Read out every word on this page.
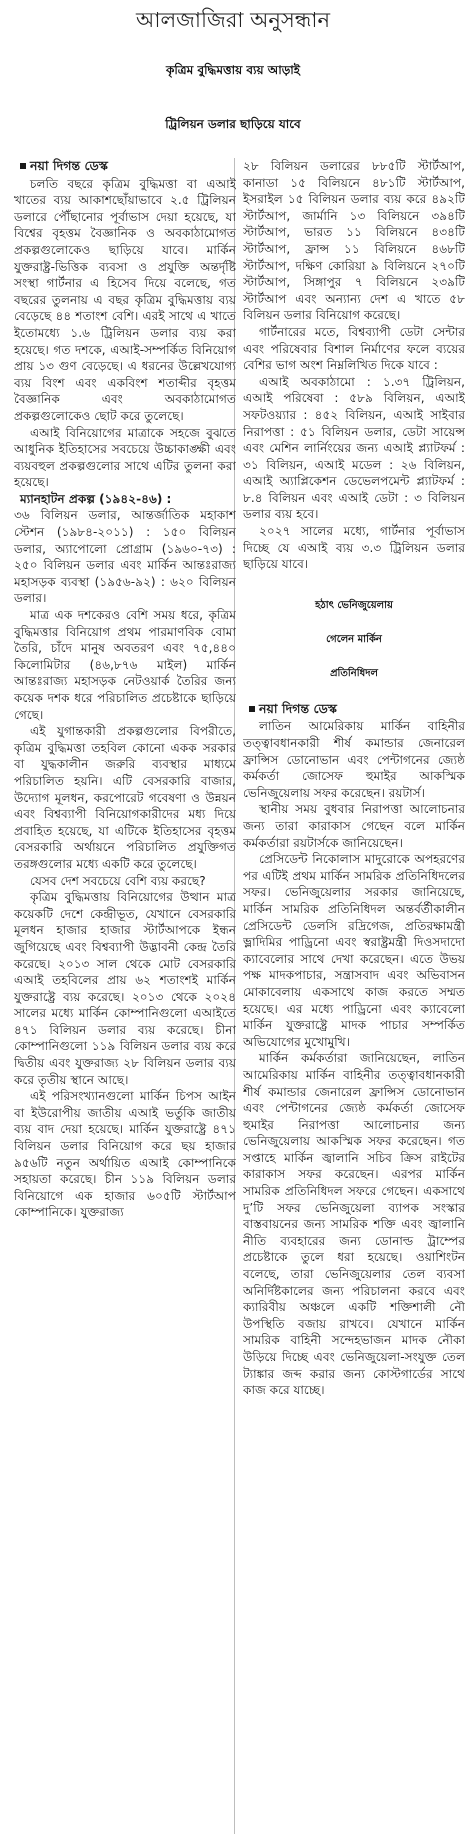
আলজাজিরা অনুসন্ধান
কৃত্রিম বুদ্ধিমত্তায় ব্যয় আড়াই
ট্রিলিয়ন ডলার ছাড়িয়ে যাবে
নয়া দিগন্ত ডেস্ক

চলতি বছরে কৃত্রিম বুদ্ধিমত্তা বা এআই খাতের ব্যয় আকাশছোঁয়াভাবে ২.৫ ট্রিলিয়ন ডলারে পৌঁছানোর পূর্বাভাস দেয়া হয়েছে, যা বিশ্বের বৃহত্তম বৈজ্ঞানিক ও অবকাঠামোগত প্রকল্পগুলোকেও ছাড়িয়ে যাবে। মার্কিন যুক্তরাষ্ট্র-ভিত্তিক ব্যবসা ও প্রযুক্তি অন্তর্দৃষ্টি সংস্থা গার্টনার এ হিসেব দিয়ে বলেছে, গত বছরের তুলনায় এ বছর কৃত্রিম বুদ্ধিমত্তায় ব্যয় বেড়েছে ৪৪ শতাংশ বেশি। এরই সাথে এ খাতে ইতোমধ্যে ১.৬ ট্রিলিয়ন ডলার ব্যয় করা হয়েছে। গত দশকে, এআই-সম্পর্কিত বিনিয়োগ প্রায় ১৩ গুণ বেড়েছে। এ ধরনের উল্লেখযোগ্য ব্যয় বিংশ এবং একবিংশ শতাব্দীর বৃহত্তম বৈজ্ঞানিক এবং অবকাঠামোগত প্রকল্পগুলোকেও ছোট করে তুলেছে।

এআই বিনিয়োগের মাত্রাকে সহজে বুঝতে আধুনিক ইতিহাসের সবচেয়ে উচ্চাকাঙ্ক্ষী এবং ব্যয়বহুল প্রকল্পগুলোর সাথে এটির তুলনা করা হয়েছে।

ম্যানহাটন প্রকল্প (১৯৪২-৪৬) :

৩৬ বিলিয়ন ডলার, আন্তর্জাতিক মহাকাশ স্টেশন (১৯৮৪-২০১১) : ১৫০ বিলিয়ন ডলার, অ্যাপোলো প্রোগ্রাম (১৯৬০-৭৩) : ২৫০ বিলিয়ন ডলার এবং মার্কিন আন্তঃরাজ্য মহাসড়ক ব্যবস্থা (১৯৫৬-৯২) : ৬২০ বিলিয়ন ডলার।

মাত্র এক দশকেরও বেশি সময় ধরে, কৃত্রিম বুদ্ধিমত্তার বিনিয়োগ প্রথম পারমাণবিক বোমা তৈরি, চাঁদে মানুষ অবতরণ এবং ৭৫,৪৪০ কিলোমিটার (৪৬,৮৭৬ মাইল) মার্কিন আন্তঃরাজ্য মহাসড়ক নেটওয়ার্ক তৈরির জন্য কয়েক দশক ধরে পরিচালিত প্রচেষ্টাকে ছাড়িয়ে গেছে।

এই যুগান্তকারী প্রকল্পগুলোর বিপরীতে, কৃত্রিম বুদ্ধিমত্তা তহবিল কোনো একক সরকার বা যুদ্ধকালীন জরুরি ব্যবস্থার মাধ্যমে পরিচালিত হয়নি। এটি বেসরকারি বাজার, উদ্যোগ মূলধন, করপোরেট গবেষণা ও উন্নয়ন এবং বিশ্বব্যাপী বিনিয়োগকারীদের মধ্য দিয়ে প্রবাহিত হয়েছে, যা এটিকে ইতিহাসের বৃহত্তম বেসরকারি অর্থায়নে পরিচালিত প্রযুক্তিগত তরঙ্গগুলোর মধ্যে একটি করে তুলেছে।

যেসব দেশ সবচেয়ে বেশি ব্যয় করছে?

কৃত্রিম বুদ্ধিমত্তায় বিনিয়োগের উত্থান মাত্র কয়েকটি দেশে কেন্দ্রীভূত, যেখানে বেসরকারি মূলধন হাজার হাজার স্টার্টআপকে ইন্ধন জুগিয়েছে এবং বিশ্বব্যাপী উদ্ভাবনী কেন্দ্র তৈরি করেছে। ২০১৩ সাল থেকে মোট বেসরকারি এআই তহবিলের প্রায় ৬২ শতাংশই মার্কিন যুক্তরাষ্ট্রে ব্যয় করেছে। ২০১৩ থেকে ২০২৪ সালের মধ্যে মার্কিন কোম্পানিগুলো এআইতে ৪৭১ বিলিয়ন ডলার ব্যয় করেছে। চীনা কোম্পানিগুলো ১১৯ বিলিয়ন ডলার ব্যয় করে দ্বিতীয় এবং যুক্তরাজ্য ২৮ বিলিয়ন ডলার ব্যয় করে তৃতীয় স্থানে আছে।

এই পরিসংখ্যানগুলো মার্কিন চিপস আইন বা ইউরোপীয় জাতীয় এআই ভর্তুকি জাতীয় ব্যয় বাদ দেয়া হয়েছে। মার্কিন যুক্তরাষ্ট্রে ৪৭১ বিলিয়ন ডলার বিনিয়োগ করে ছয় হাজার ৯৫৬টি নতুন অর্থায়িত এআই কোম্পানিকে সহায়তা করেছে। চীন ১১৯ বিলিয়ন ডলার বিনিয়োগে এক হাজার ৬০৫টি স্টার্টআপ কোম্পানিকে। যুক্তরাজ্য

২৮ বিলিয়ন ডলারের ৮৮৫টি স্টার্টআপ, কানাডা ১৫ বিলিয়নে ৪৮১টি স্টার্টআপ, ইসরাইল ১৫ বিলিয়ন ডলার ব্যয় করে ৪৯২টি স্টার্টআপ, জার্মানি ১৩ বিলিয়নে ৩৯৪টি স্টার্টআপ, ভারত ১১ বিলিয়নে ৪৩৪টি স্টার্টআপ, ফ্রান্স ১১ বিলিয়নে ৪৬৮টি স্টার্টআপ, দক্ষিণ কোরিয়া ৯ বিলিয়নে ২৭০টি স্টার্টআপ, সিঙ্গাপুর ৭ বিলিয়নে ২৩৯টি স্টার্টআপ এবং অন্যান্য দেশ এ খাতে ৫৮ বিলিয়ন ডলার বিনিয়োগ করেছে।

গার্টনারের মতে, বিশ্বব্যাপী ডেটা সেন্টার এবং পরিষেবার বিশাল নির্মাণের ফলে ব্যয়ের বেশির ভাগ অংশ নিম্নলিখিত দিকে যাবে :

এআই অবকাঠামো : ১.৩৭ ট্রিলিয়ন, এআই পরিষেবা : ৫৮৯ বিলিয়ন, এআই সফটওয়্যার : ৪৫২ বিলিয়ন, এআই সাইবার নিরাপত্তা : ৫১ বিলিয়ন ডলার, ডেটা সায়েন্স এবং মেশিন লার্নিংয়ের জন্য এআই প্ল্যাটফর্ম : ৩১ বিলিয়ন, এআই মডেল : ২৬ বিলিয়ন, এআই অ্যাপ্লিকেশন ডেভেলপমেন্ট প্ল্যাটফর্ম : ৮.৪ বিলিয়ন এবং এআই ডেটা : ৩ বিলিয়ন ডলার ব্যয় হবে।

২০২৭ সালের মধ্যে, গার্টনার পূর্বাভাস দিচ্ছে যে এআই ব্যয় ৩.৩ ট্রিলিয়ন ডলার ছাড়িয়ে যাবে।

হঠাৎ ভেনিজুয়েলায়
গেলেন মার্কিন
প্রতিনিধিদল
নয়া দিগন্ত ডেস্ক

লাতিন আমেরিকায় মার্কিন বাহিনীর তত্ত্বাবধানকারী শীর্ষ কমান্ডার জেনারেল ফ্রান্সিস ডোনোভান এবং পেন্টাগনের জ্যেষ্ঠ কর্মকর্তা জোসেফ হুমাইর আকস্মিক ভেনিজুয়েলায় সফর করেছেন। রয়টার্স।

স্থানীয় সময় বুধবার নিরাপত্তা আলোচনার জন্য তারা কারাকাস গেছেন বলে মার্কিন কর্মকর্তারা রয়টার্সকে জানিয়েছেন।

প্রেসিডেন্ট নিকোলাস মাদুরোকে অপহরণের পর এটিই প্রথম মার্কিন সামরিক প্রতিনিধিদলের সফর। ভেনিজুয়েলার সরকার জানিয়েছে, মার্কিন সামরিক প্রতিনিধিদল অন্তর্বর্তীকালীন প্রেসিডেন্ট ডেলসি রদ্রিগেজ, প্রতিরক্ষামন্ত্রী ভ্লাদিমির পাড্রিনো এবং স্বরাষ্ট্রমন্ত্রী দিওসদাদো ক্যাবেলোর সাথে দেখা করেছেন। এতে উভয় পক্ষ মাদকপাচার, সন্ত্রাসবাদ এবং অভিবাসন মোকাবেলায় একসাথে কাজ করতে সম্মত হয়েছে। এর মধ্যে পাড্রিনো এবং ক্যাবেলো মার্কিন যুক্তরাষ্ট্রে মাদক পাচার সম্পর্কিত অভিযোগের মুখোমুখি।

মার্কিন কর্মকর্তারা জানিয়েছেন, লাতিন আমেরিকায় মার্কিন বাহিনীর তত্ত্বাবধানকারী শীর্ষ কমান্ডার জেনারেল ফ্রান্সিস ডোনোভান এবং পেন্টাগনের জ্যেষ্ঠ কর্মকর্তা জোসেফ হুমাইর নিরাপত্তা আলোচনার জন্য ভেনিজুয়েলায় আকস্মিক সফর করেছেন। গত সপ্তাহে মার্কিন জ্বালানি সচিব ক্রিস রাইটের কারাকাস সফর করেছেন। এরপর মার্কিন সামরিক প্রতিনিধিদল সফরে গেছেন। একসাথে দু’টি সফর ভেনিজুয়েলা ব্যাপক সংস্কার বাস্তবায়নের জন্য সামরিক শক্তি এবং জ্বালানি নীতি ব্যবহারের জন্য ডোনাল্ড ট্রাম্পের প্রচেষ্টাকে তুলে ধরা হয়েছে। ওয়াশিংটন বলেছে, তারা ভেনিজুয়েলার তেল ব্যবসা অনির্দিষ্টকালের জন্য পরিচালনা করবে এবং ক্যারিবীয় অঞ্চলে একটি শক্তিশালী নৌ উপস্থিতি বজায় রাখবে। যেখানে মার্কিন সামরিক বাহিনী সন্দেহভাজন মাদক নৌকা উড়িয়ে দিচ্ছে এবং ভেনিজুয়েলা-সংযুক্ত তেল ট্যাঙ্কার জব্দ করার জন্য কোস্টগার্ডের সাথে কাজ করে যাচ্ছে।
